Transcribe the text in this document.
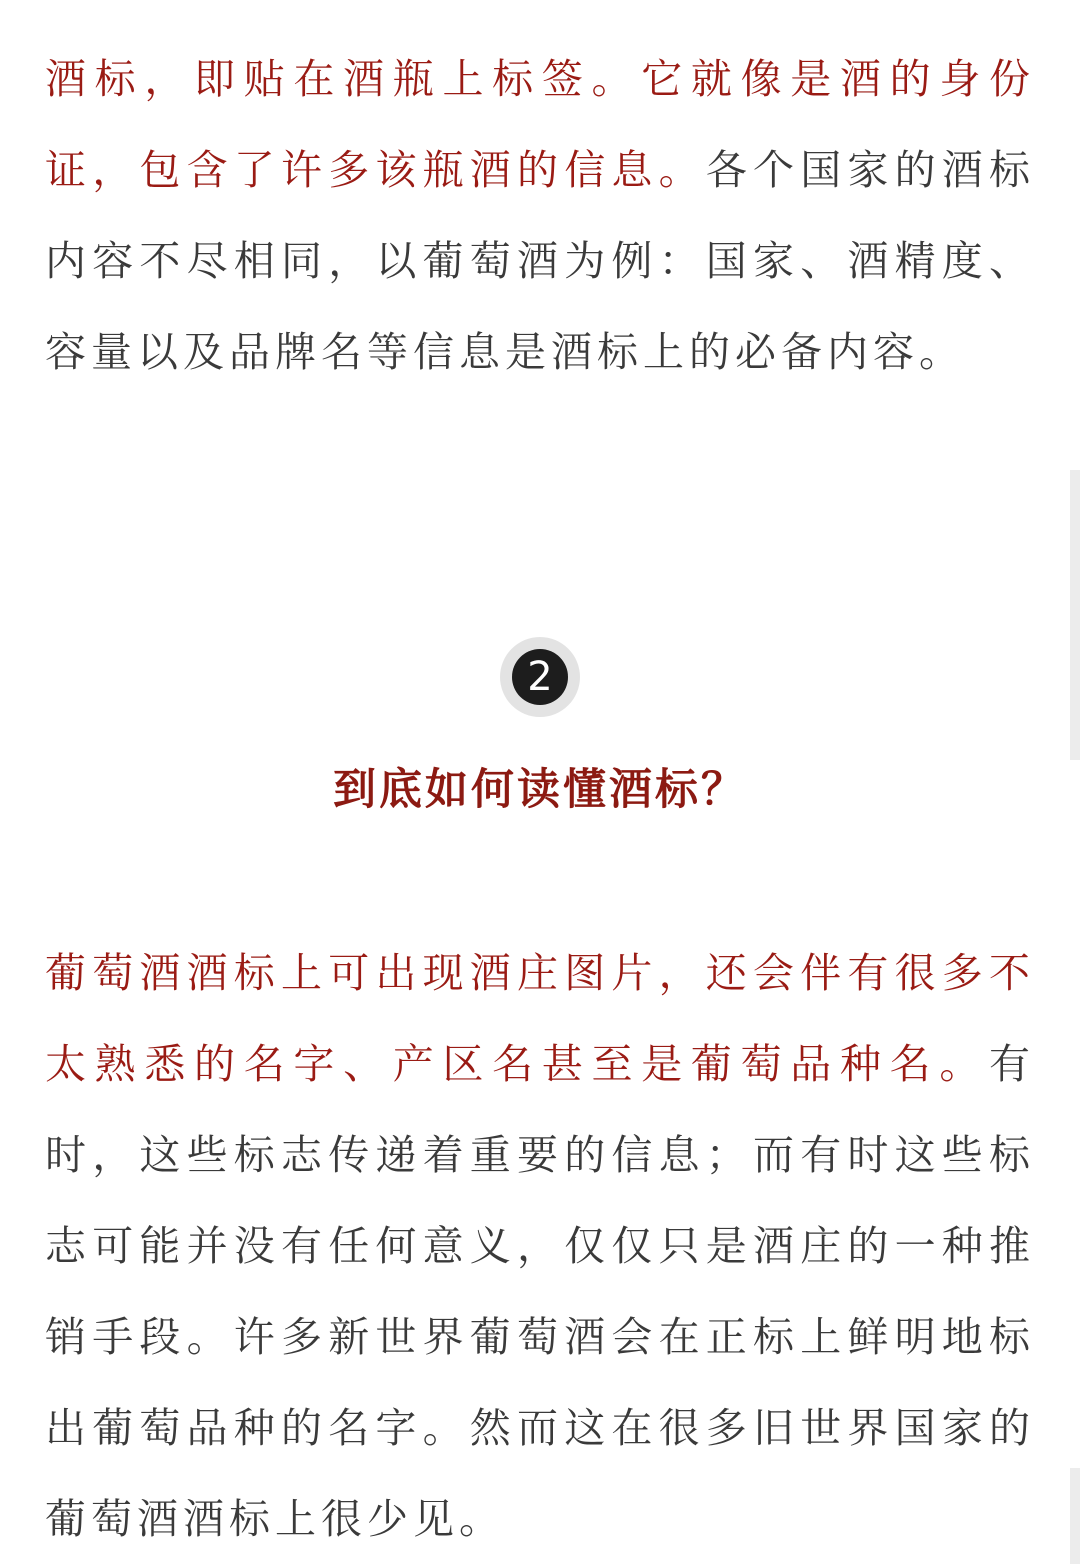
酒标，即贴在酒瓶上标签。它就像是酒的身份证，包含了许多该瓶酒的信息。各个国家的酒标内容不尽相同，以葡萄酒为例：国家、酒精度、容量以及品牌名等信息是酒标上的必备内容。

葡萄酒酒标上可出现酒庄图片，还会伴有很多不太熟悉的名字、产区名甚至是葡萄品种名。有时，这些标志传递着重要的信息；而有时这些标志可能并没有任何意义，仅仅只是酒庄的一种推销手段。许多新世界葡萄酒会在正标上鲜明地标出葡萄品种的名字。然而这在很多旧世界国家的葡萄酒酒标上很少见。

2
到底如何读懂酒标？
